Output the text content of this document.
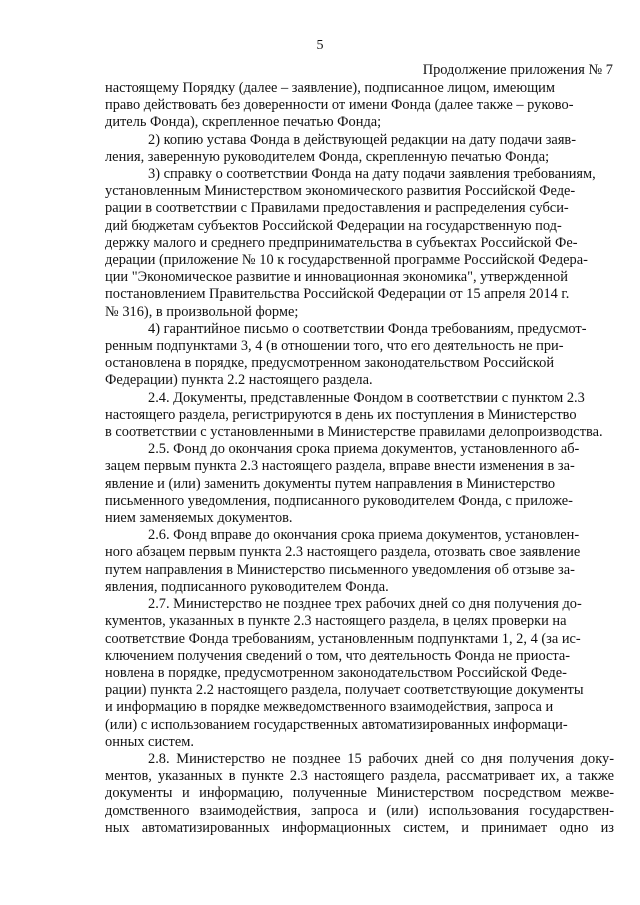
5
Продолжение приложения № 7

настоящему Порядку (далее – заявление), подписанное лицом, имеющим
право действовать без доверенности от имени Фонда (далее также – руково-
дитель Фонда), скрепленное печатью Фонда;

2) копию устава Фонда в действующей редакции на дату подачи заяв-
ления, заверенную руководителем Фонда, скрепленную печатью Фонда;

3) справку о соответствии Фонда на дату подачи заявления требованиям,
установленным Министерством экономического развития Российской Феде-
рации в соответствии с Правилами предоставления и распределения субси-
дий бюджетам субъектов Российской Федерации на государственную под-
держку малого и среднего предпринимательства в субъектах Российской Фе-
дерации (приложение № 10 к государственной программе Российской Федера-
ции "Экономическое развитие и инновационная экономика", утвержденной
постановлением Правительства Российской Федерации от 15 апреля 2014 г.
№ 316), в произвольной форме;

4) гарантийное письмо о соответствии Фонда требованиям, предусмот-
ренным подпунктами 3, 4 (в отношении того, что его деятельность не при-
остановлена в порядке, предусмотренном законодательством Российской
Федерации) пункта 2.2 настоящего раздела.

2.4. Документы, представленные Фондом в соответствии с пунктом 2.3
настоящего раздела, регистрируются в день их поступления в Министерство
в соответствии с установленными в Министерстве правилами делопроизводства.

2.5. Фонд до окончания срока приема документов, установленного аб-
зацем первым пункта 2.3 настоящего раздела, вправе внести изменения в за-
явление и (или) заменить документы путем направления в Министерство
письменного уведомления, подписанного руководителем Фонда, с приложе-
нием заменяемых документов.

2.6. Фонд вправе до окончания срока приема документов, установлен-
ного абзацем первым пункта 2.3 настоящего раздела, отозвать свое заявление
путем направления в Министерство письменного уведомления об отзыве за-
явления, подписанного руководителем Фонда.

2.7. Министерство не позднее трех рабочих дней со дня получения до-
кументов, указанных в пункте 2.3 настоящего раздела, в целях проверки на
соответствие Фонда требованиям, установленным подпунктами 1, 2, 4 (за ис-
ключением получения сведений о том, что деятельность Фонда не приоста-
новлена в порядке, предусмотренном законодательством Российской Феде-
рации) пункта 2.2 настоящего раздела, получает соответствующие документы
и информацию в порядке межведомственного взаимодействия, запроса и
(или) с использованием государственных автоматизированных информаци-
онных систем.

2.8. Министерство не позднее 15 рабочих дней со дня получения доку-
ментов, указанных в пункте 2.3 настоящего раздела, рассматривает их, а также
документы и информацию, полученные Министерством посредством межве-
домственного взаимодействия, запроса и (или) использования государствен-
ных автоматизированных информационных систем, и принимает одно из
